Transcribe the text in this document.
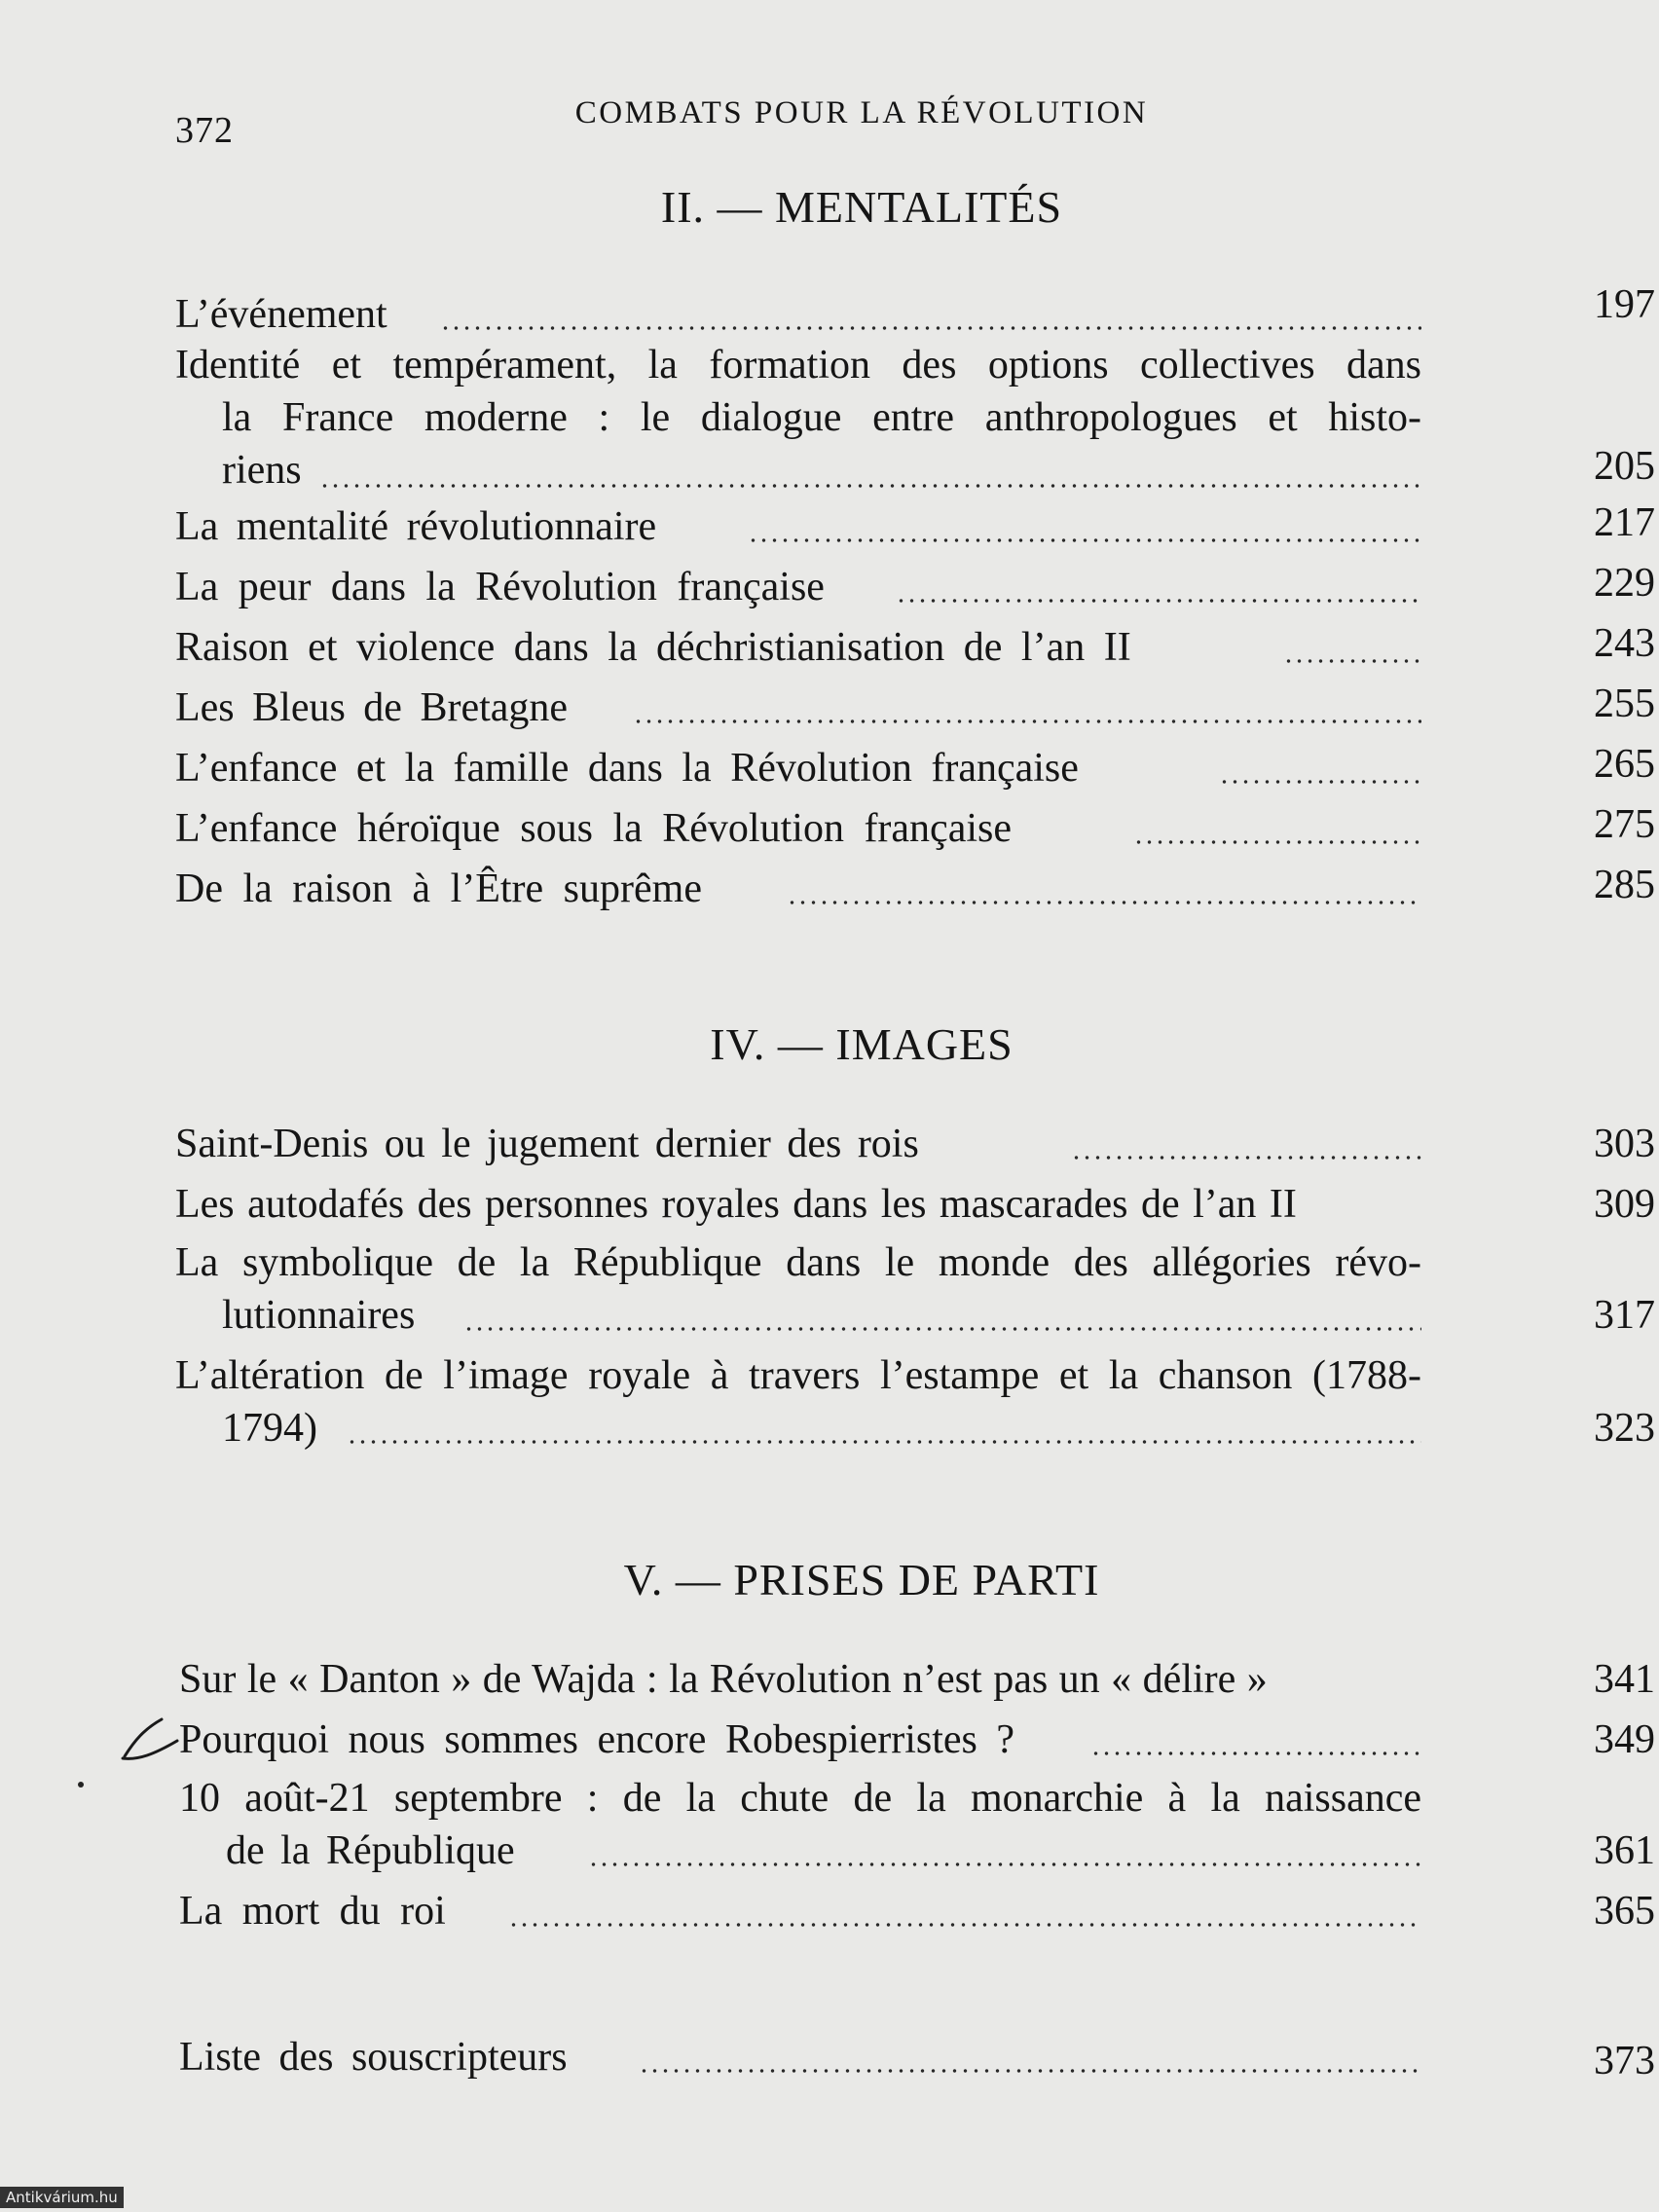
372	COMBATS POUR LA RÉVOLUTION
II. — MENTALITÉS
L’événement	197
Identité et tempérament, la formation des options collectives dans
la France moderne : le dialogue entre anthropologues et histo-
riens	205
La mentalité révolutionnaire	217
La peur dans la Révolution française	229
Raison et violence dans la déchristianisation de l’an II	243
Les Bleus de Bretagne	255
L’enfance et la famille dans la Révolution française	265
L’enfance héroïque sous la Révolution française	275
De la raison à l’Être suprême	285
IV. — IMAGES
Saint-Denis ou le jugement dernier des rois	303
Les autodafés des personnes royales dans les mascarades de l’an II	309
La symbolique de la République dans le monde des allégories révo-
lutionnaires	317
L’altération de l’image royale à travers l’estampe et la chanson (1788-
1794)	323
V. — PRISES DE PARTI
Sur le « Danton » de Wajda : la Révolution n’est pas un « délire »	341
Pourquoi nous sommes encore Robespierristes ?	349
10 août-21 septembre : de la chute de la monarchie à la naissance
de la République	361
La mort du roi	365
Liste des souscripteurs	373
Antikvárium.hu
